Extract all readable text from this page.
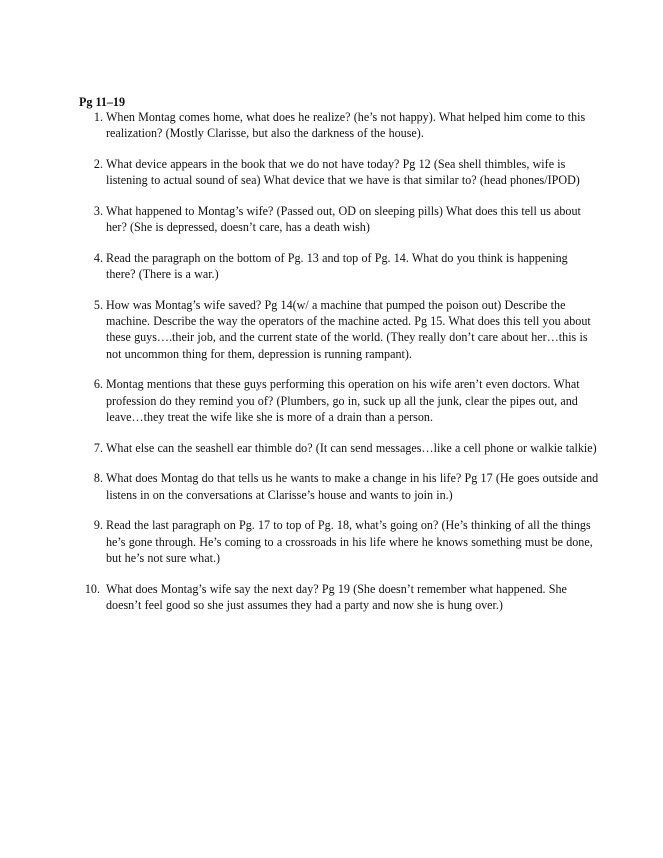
Pg 11–19
1. When Montag comes home, what does he realize? (he’s not happy). What helped him come to this realization? (Mostly Clarisse, but also the darkness of the house).
2. What device appears in the book that we do not have today? Pg 12 (Sea shell thimbles, wife is listening to actual sound of sea) What device that we have is that similar to? (head phones/IPOD)
3. What happened to Montag’s wife? (Passed out, OD on sleeping pills) What does this tell us about her? (She is depressed, doesn’t care, has a death wish)
4. Read the paragraph on the bottom of Pg. 13 and top of Pg. 14. What do you think is happening there? (There is a war.)
5. How was Montag’s wife saved? Pg 14(w/ a machine that pumped the poison out) Describe the machine. Describe the way the operators of the machine acted. Pg 15. What does this tell you about these guys….their job, and the current state of the world. (They really don’t care about her…this is not uncommon thing for them, depression is running rampant).
6. Montag mentions that these guys performing this operation on his wife aren’t even doctors. What profession do they remind you of? (Plumbers, go in, suck up all the junk, clear the pipes out, and leave…they treat the wife like she is more of a drain than a person.
7. What else can the seashell ear thimble do? (It can send messages…like a cell phone or walkie talkie)
8. What does Montag do that tells us he wants to make a change in his life? Pg 17 (He goes outside and listens in on the conversations at Clarisse’s house and wants to join in.)
9. Read the last paragraph on Pg. 17 to top of Pg. 18, what’s going on? (He’s thinking of all the things he’s gone through. He’s coming to a crossroads in his life where he knows something must be done, but he’s not sure what.)
10. What does Montag’s wife say the next day? Pg 19 (She doesn’t remember what happened. She doesn’t feel good so she just assumes they had a party and now she is hung over.)
